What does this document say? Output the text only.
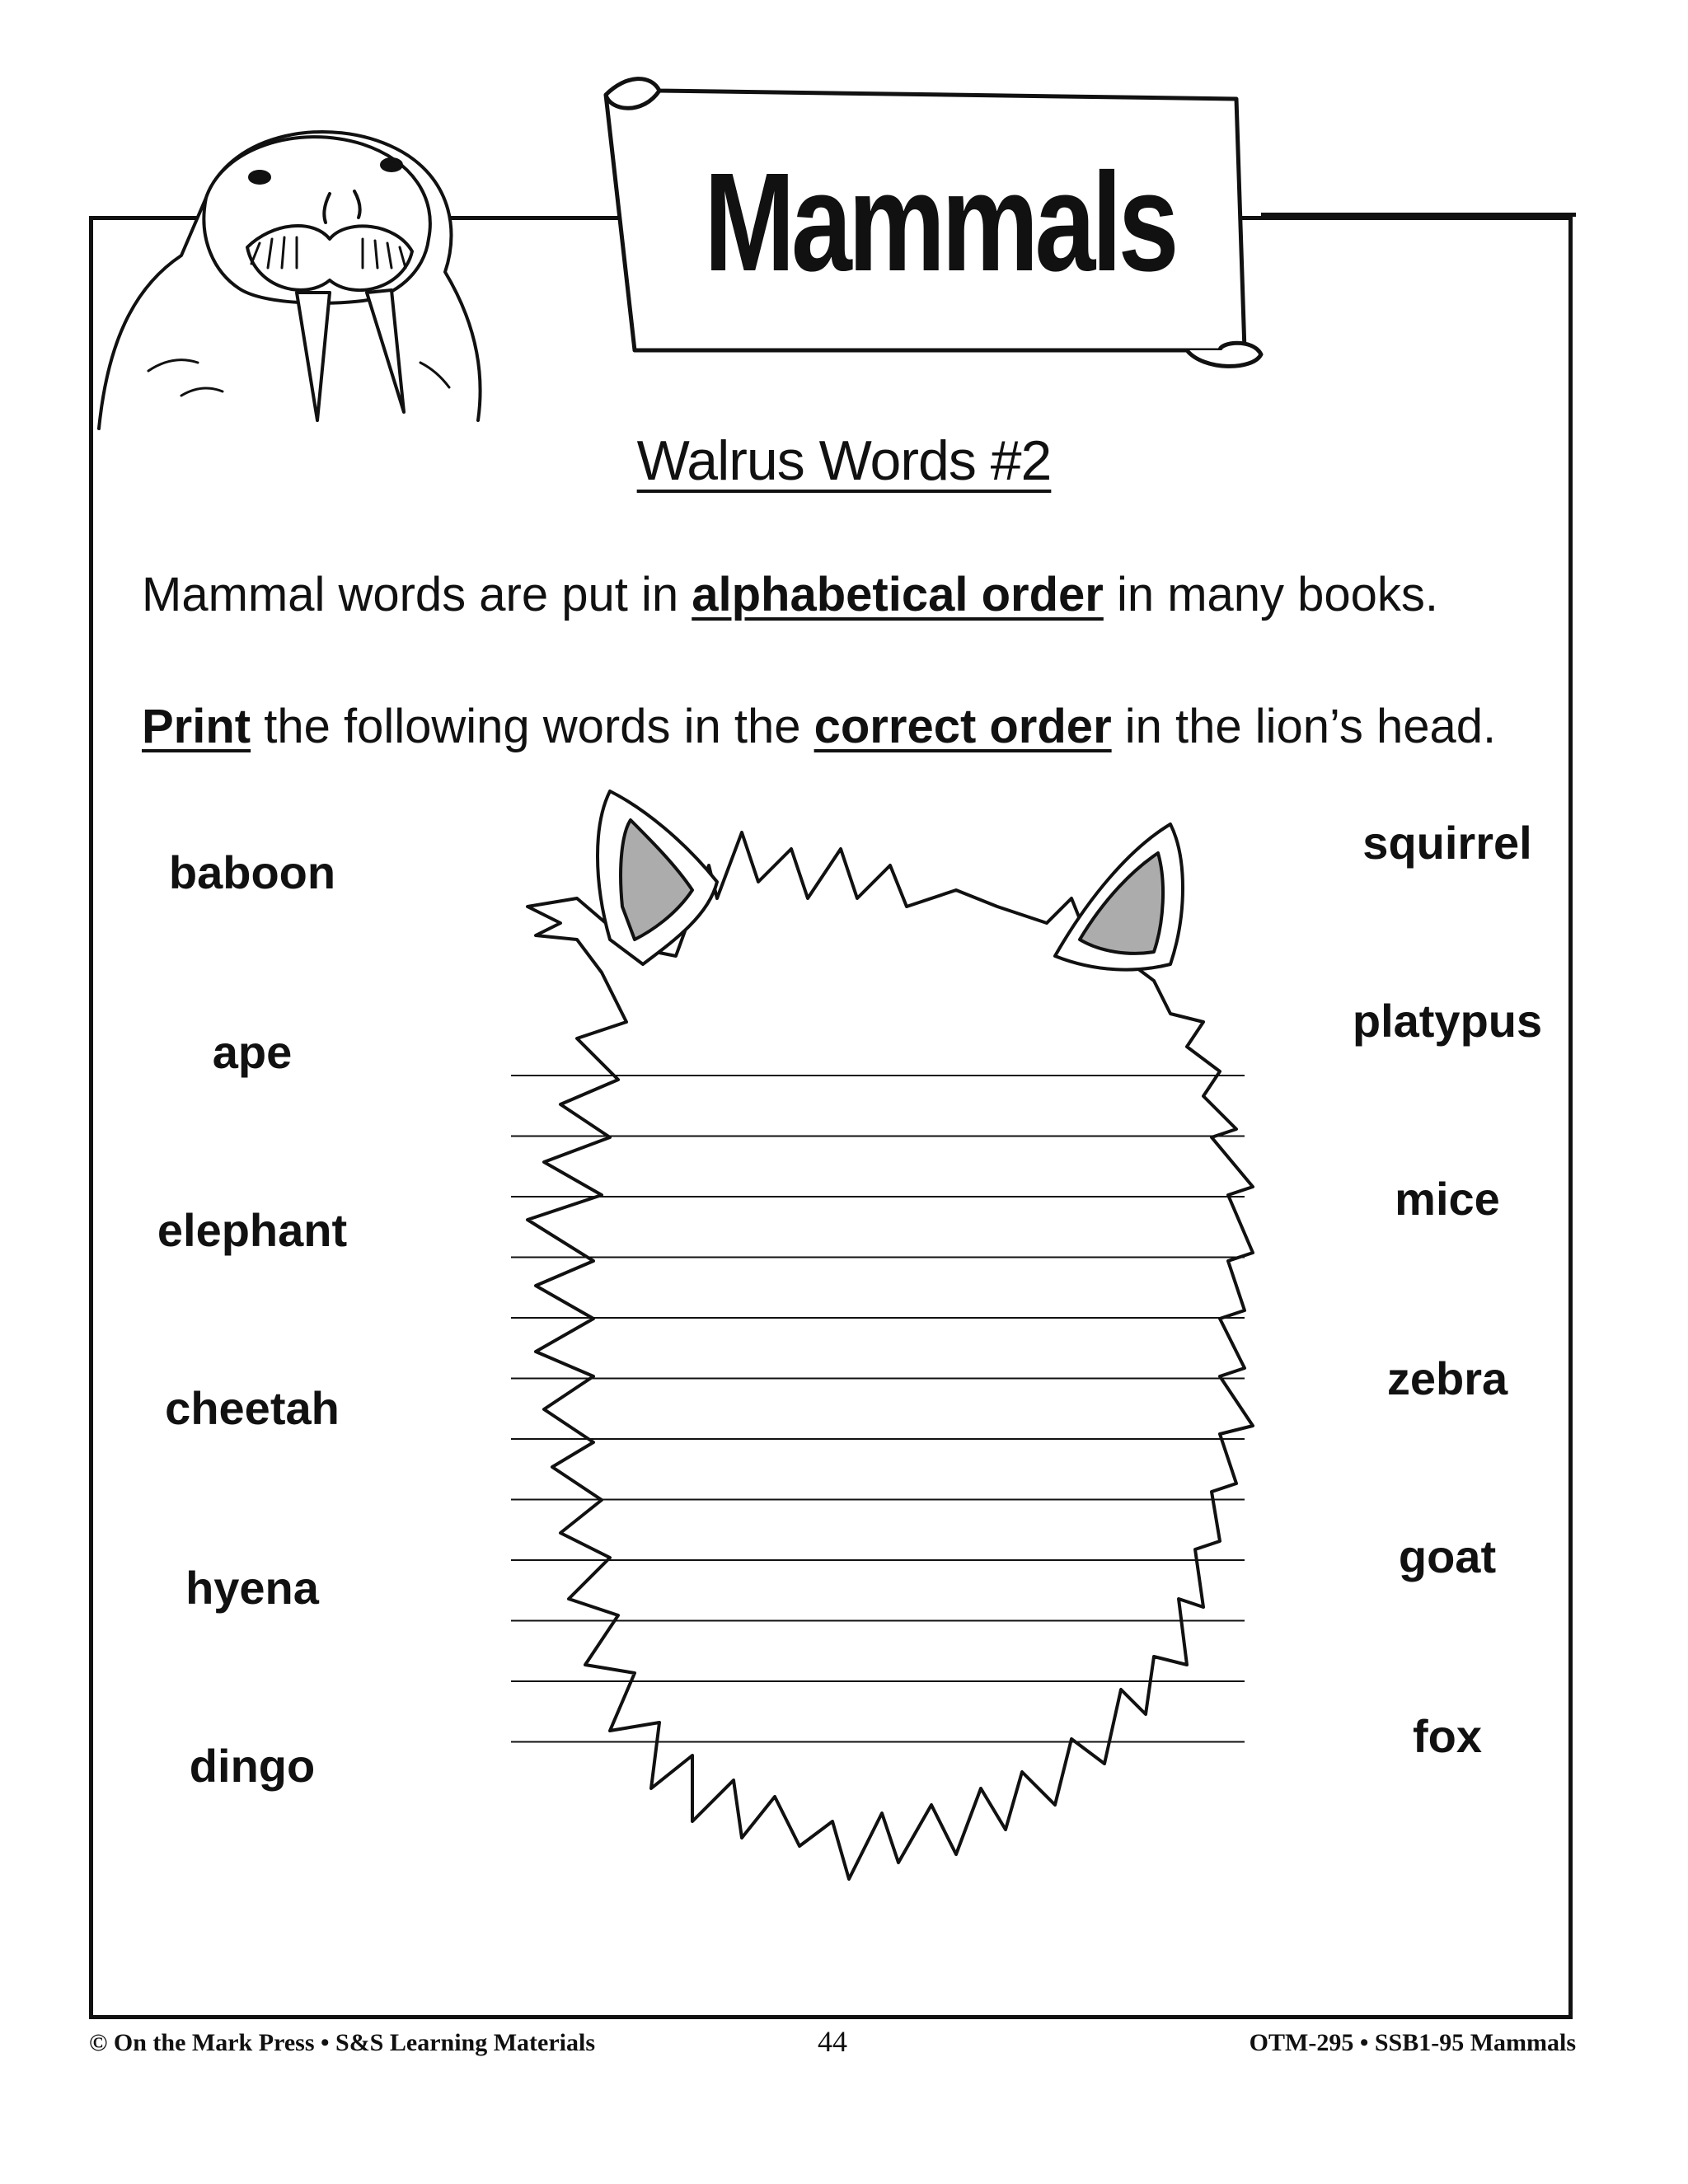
Mammals
Walrus Words #2
Mammal words are put in alphabetical order in many books.
Print the following words in the correct order in the lion’s head.
baboon
ape
elephant
cheetah
hyena
dingo
squirrel
platypus
mice
zebra
goat
fox
© On the Mark Press • S&S Learning Materials	44	OTM-295 • SSB1-95 Mammals
